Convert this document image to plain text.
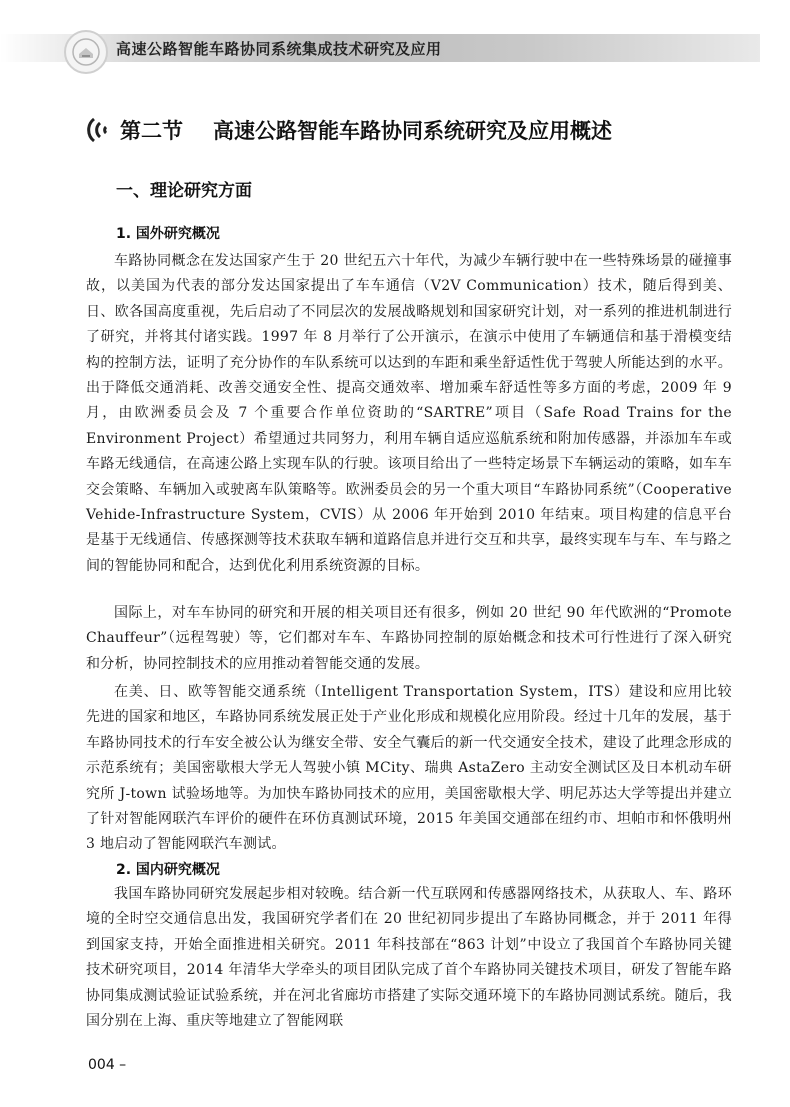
高速公路智能车路协同系统集成技术研究及应用
第二节 高速公路智能车路协同系统研究及应用概述
一、理论研究方面
1. 国外研究概况

车路协同概念在发达国家产生于 20 世纪五六十年代，为减少车辆行驶中在一些特殊场景的碰撞事故，以美国为代表的部分发达国家提出了车车通信（V2V Communication）技术，随后得到美、日、欧各国高度重视，先后启动了不同层次的发展战略规划和国家研究计划，对一系列的推进机制进行了研究，并将其付诸实践。1997 年 8 月举行了公开演示，在演示中使用了车辆通信和基于滑模变结构的控制方法，证明了充分协作的车队系统可以达到的车距和乘坐舒适性优于驾驶人所能达到的水平。出于降低交通消耗、改善交通安全性、提高交通效率、增加乘车舒适性等多方面的考虑，2009 年 9 月，由欧洲委员会及 7 个重要合作单位资助的“SARTRE”项目（Safe Road Trains for the Environment Project）希望通过共同努力，利用车辆自适应巡航系统和附加传感器，并添加车车或车路无线通信，在高速公路上实现车队的行驶。该项目给出了一些特定场景下车辆运动的策略，如车车交会策略、车辆加入或驶离车队策略等。欧洲委员会的另一个重大项目“车路协同系统”（Cooperative Vehide-Infrastructure System，CVIS）从 2006 年开始到 2010 年结束。项目构建的信息平台是基于无线通信、传感探测等技术获取车辆和道路信息并进行交互和共享，最终实现车与车、车与路之间的智能协同和配合，达到优化利用系统资源的目标。

国际上，对车车协同的研究和开展的相关项目还有很多，例如 20 世纪 90 年代欧洲的“Promote Chauffeur”（远程驾驶）等，它们都对车车、车路协同控制的原始概念和技术可行性进行了深入研究和分析，协同控制技术的应用推动着智能交通的发展。

在美、日、欧等智能交通系统（Intelligent Transportation System，ITS）建设和应用比较先进的国家和地区，车路协同系统发展正处于产业化形成和规模化应用阶段。经过十几年的发展，基于车路协同技术的行车安全被公认为继安全带、安全气囊后的新一代交通安全技术，建设了此理念形成的示范系统有；美国密歇根大学无人驾驶小镇 MCity、瑞典 AstaZero 主动安全测试区及日本机动车研究所 J-town 试验场地等。为加快车路协同技术的应用，美国密歇根大学、明尼苏达大学等提出并建立了针对智能网联汽车评价的硬件在环仿真测试环境，2015 年美国交通部在纽约市、坦帕市和怀俄明州 3 地启动了智能网联汽车测试。

2. 国内研究概况

我国车路协同研究发展起步相对较晚。结合新一代互联网和传感器网络技术，从获取人、车、路环境的全时空交通信息出发，我国研究学者们在 20 世纪初同步提出了车路协同概念，并于 2011 年得到国家支持，开始全面推进相关研究。2011 年科技部在“863 计划”中设立了我国首个车路协同关键技术研究项目，2014 年清华大学牵头的项目团队完成了首个车路协同关键技术项目，研发了智能车路协同集成测试验证试验系统，并在河北省廊坊市搭建了实际交通环境下的车路协同测试系统。随后，我国分别在上海、重庆等地建立了智能网联

004 –
